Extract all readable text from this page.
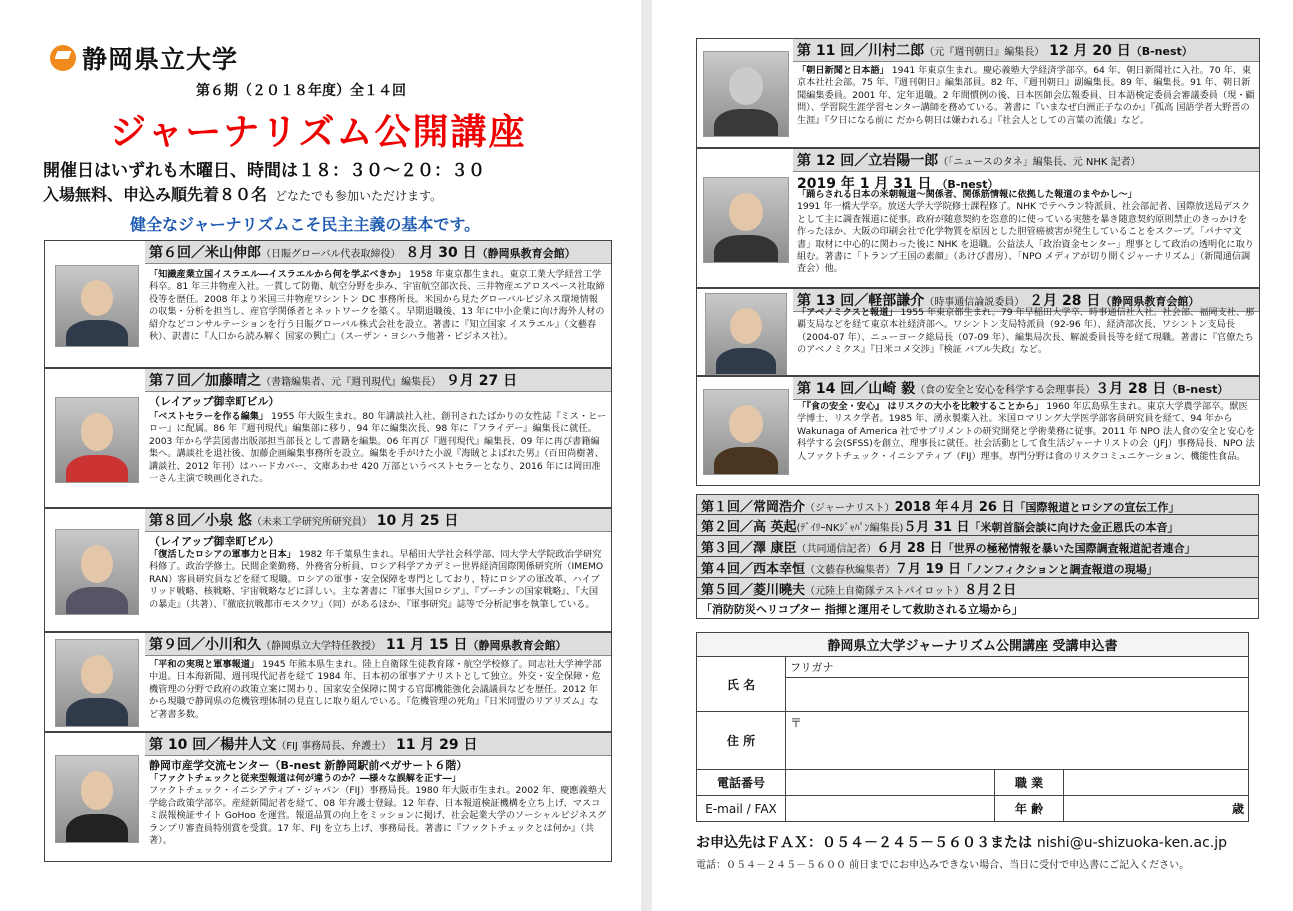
静岡県立大学
第６期（２０１８年度）全１４回
ジャーナリズム公開講座
開催日はいずれも木曜日、時間は１８：３０～２０：３０
入場無料、申込み順先着８０名 どなたでも参加いただけます。
健全なジャーナリズムこそ民主主義の基本です。
第６回／米山伸郎（日賑グローバル代表取締役） ８月 30 日（静岡県教育会館）
「知識産業立国イスラエル―イスラエルから何を学ぶべきか」 1958 年東京都生まれ。東京工業大学経営工学科卒。81 年三井物産入社。一貫して防衛、航空分野を歩み、宇宙航空部次長、三井物産エアロスペース社取締役等を歴任。2008 年より米国三井物産ワシントン DC 事務所長。米国から見たグローバルビジネス環境情報の収集・分析を担当し、産官学関係者とネットワークを築く。早期退職後、13 年に中小企業に向け海外人材の紹介などコンサルテーションを行う日賑グローバル株式会社を設立。著書に『知立国家 イスラエル』（文藝春秋）、訳書に『人口から読み解く 国家の興亡』（スーザン・ヨシハラ他著・ビジネス社）。
第７回／加藤晴之（書籍編集者、元『週刊現代』編集長） ９月 27 日
（レイアップ御幸町ビル）
「ベストセラーを作る編集」 1955 年大阪生まれ。80 年講談社入社、創刊されたばかりの女性誌『ミス・ヒーロー』に配属。86 年『週刊現代』編集部に移り、94 年に編集次長、98 年に『フライデー』編集長に就任。2003 年から学芸図書出版部担当部長として書籍を編集。06 年再び『週刊現代』編集長、09 年に再び書籍編集へ。講談社を退社後、加藤企画編集事務所を設立。編集を手がけた小説『海賊とよばれた男』（百田尚樹著、講談社、2012 年刊）はハードカバー、文庫あわせ 420 万部というベストセラーとなり、2016 年には岡田准一さん主演で映画化された。
第８回／小泉 悠（未来工学研究所研究員） 10 月 25 日
（レイアップ御幸町ビル）
「復活したロシアの軍事力と日本」 1982 年千葉県生まれ。早稲田大学社会科学部、同大学大学院政治学研究科修了。政治学修士。民間企業勤務、外務省分析員、ロシア科学アカデミー世界経済国際関係研究所（IMEMO RAN）客員研究員などを経て現職。ロシアの軍事・安全保障を専門としており、特にロシアの軍改革、ハイブリッド戦略、核戦略、宇宙戦略などに詳しい。主な著書に『軍事大国ロシア』、『プーチンの国家戦略』、『大国の暴走』（共著）、『徹底抗戦都市モスクワ』（同）があるほか、『軍事研究』誌等で分析記事を執筆している。
第９回／小川和久（静岡県立大学特任教授） 11 月 15 日（静岡県教育会館）
「平和の実現と軍事報道」 1945 年熊本県生まれ。陸上自衛隊生徒教育隊・航空学校修了。同志社大学神学部中退。日本海新聞、週刊現代記者を経て 1984 年、日本初の軍事アナリストとして独立。外交・安全保障・危機管理の分野で政府の政策立案に関わり、国家安全保障に関する官邸機能強化会議議員などを歴任。2012 年から現職で静岡県の危機管理体制の見直しに取り組んでいる。『危機管理の死角』『日米同盟のリアリズム』など著書多数。
第 10 回／楊井人文（FIJ 事務局長、弁護士） 11 月 29 日
静岡市産学交流センター（B-nest 新静岡駅前ペガサート６階）
「ファクトチェックと従来型報道は何が違うのか？―様々な誤解を正す―」
ファクトチェック・イニシアティブ・ジャパン（FIJ）事務局長。1980 年大阪市生まれ。2002 年、慶應義塾大学総合政策学部卒。産経新聞記者を経て、08 年弁護士登録。12 年春、日本報道検証機構を立ち上げ、マスコミ誤報検証サイト GoHoo を運営。報道品質の向上をミッションに掲げ、社会起業大学のソーシャルビジネスグランプリ審査員特別賞を受賞。17 年、FIJ を立ち上げ、事務局長。著書に『ファクトチェックとは何か』（共著）。
第 11 回／川村二郎（元『週刊朝日』編集長） 12 月 20 日（B-nest）
「朝日新聞と日本語」 1941 年東京生まれ。慶応義塾大学経済学部卒。64 年、朝日新聞社に入社。70 年、東京本社社会部。75 年、『週刊朝日』編集部員。82 年、『週刊朝日』副編集長。89 年、編集長。91 年、朝日新聞編集委員。2001 年、定年退職。2 年間慣例の後、日本医師会広報委員、日本語検定委員会審議委員（現・顧問）、学習院生涯学習センター講師を務めている。著書に『いまなぜ白洲正子なのか』『孤高 国語学者大野晋の生涯』『夕日になる前に だから朝日は嫌われる』『社会人としての言葉の流儀』など。
第 12 回／立岩陽一郎（「ニュースのタネ」編集長、元 NHK 記者）
2019 年 1 月 31 日 （B-nest）
「踊らされる日本の米朝報道～関係者、関係筋情報に依拠した報道のまやかし～」
1991 年一橋大学卒。放送大学大学院修士課程修了。NHK でテヘラン特派員、社会部記者、国際放送局デスクとして主に調査報道に従事。政府が随意契約を恣意的に使っている実態を暴き随意契約原則禁止のきっかけを作ったほか、大阪の印刷会社で化学物質を原因とした胆管癌被害が発生していることをスクープ。「パナマ文書」取材に中心的に関わった後に NHK を退職。公益法人「政治資金センター」理事として政治の透明化に取り組む。著書に「トランプ王国の素顔」（あけび書房）、「NPO メディアが切り開くジャーナリズム」（新聞通信調査会）他。
第 13 回／軽部謙介（時事通信論説委員） ２月 28 日（静岡県教育会館）
「アベノミクスと報道」 1955 年東京都生まれ。79 年早稲田大学卒、時事通信社入社。社会部、福岡支社、那覇支局などを経て東京本社経済部へ。ワシントン支局特派員（92-96 年）、経済部次長、ワシントン支局長（2004-07 年）、ニューヨーク総局長（07-09 年）、編集局次長、解説委員長等を経て現職。著書に『官僚たちのアベノミクス』『日米コメ交渉』『検証 バブル失政』など。
第 14 回／山崎 毅（食の安全と安心を科学する会理事長）３月 28 日（B-nest）
「『食の安全・安心』 はリスクの大小を比較することから」 1960 年広島県生まれ。東京大学農学部卒。獣医学博士、リスク学者。1985 年、湧永製薬入社。米国ロマリング大学医学部客員研究員を経て、94 年から Wakunaga of America 社でサプリメントの研究開発と学術業務に従事。2011 年 NPO 法人食の安全と安心を科学する会(SFSS)を創立、理事長に就任。社会活動として食生活ジャーナリストの会（JFJ）事務局長、NPO 法人ファクトチェック・イニシアティブ（FIJ）理事。専門分野は食のリスクコミュニケーション、機能性食品。
第１回／常岡浩介（ジャーナリスト）2018 年４月 26 日「国際報道とロシアの宣伝工作」
第２回／高 英起(ﾃﾞｲﾘｰNKｼﾞｬﾊﾟﾝ編集長)５月 31 日「米朝首脳会談に向けた金正恩氏の本音」
第３回／澤 康臣（共同通信記者）６月 28 日「世界の極秘情報を暴いた国際調査報道記者連合」
第４回／西本幸恒（文藝春秋編集者）７月 19 日「ノンフィクションと調査報道の現場」
第５回／菱川曉夫（元陸上自衛隊テストパイロット）８月２日
「消防防災ヘリコプター 指揮と運用そして救助される立場から」
静岡県立大学ジャーナリズム公開講座 受講申込書			
氏 名	フリガナ		

住 所	〒		
電話番号		職 業	
E-mail / FAX		年 齢	歳
お申込先はＦＡＸ：０５４－２４５－５６０３または nishi@u-shizuoka-ken.ac.jp
電話：０５４－２４５－５６００ 前日までにお申込みできない場合、当日に受付で申込書にご記入ください。
